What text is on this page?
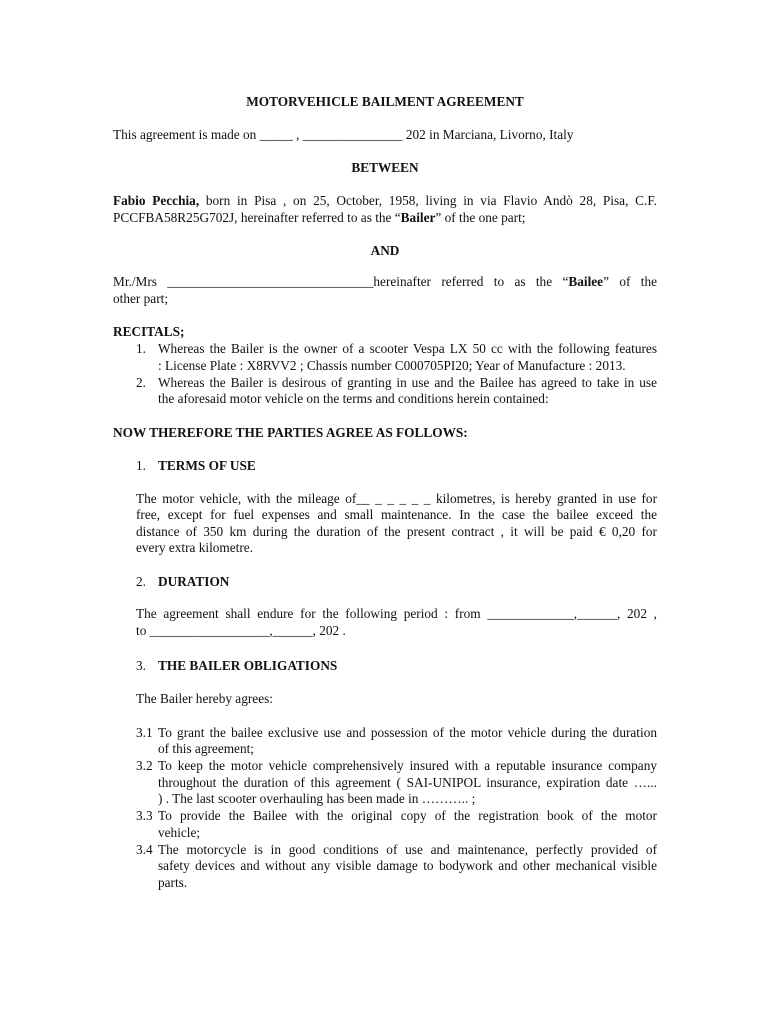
MOTORVEHICLE BAILMENT AGREEMENT
This agreement is made on _____ , _______________ 202 in Marciana, Livorno, Italy
BETWEEN
Fabio Pecchia, born in Pisa , on 25, October, 1958, living in via Flavio Andò 28, Pisa, C.F.
PCCFBA58R25G702J, hereinafter referred to as the “Bailer” of the one part;
AND
Mr./Mrs _______________________________hereinafter referred to as the “Bailee” of the
other part;
RECITALS;
1. Whereas the Bailer is the owner of a scooter Vespa LX 50 cc with the following features
: License Plate : X8RVV2 ; Chassis number C000705PI20; Year of Manufacture : 2013.
2. Whereas the Bailer is desirous of granting in use and the Bailee has agreed to take in use
the aforesaid motor vehicle on the terms and conditions herein contained:
NOW THEREFORE THE PARTIES AGREE AS FOLLOWS:
1. TERMS OF USE
The motor vehicle, with the mileage of__ _ _ _ _ _ kilometres, is hereby granted in use for
free, except for fuel expenses and small maintenance. In the case the bailee exceed the
distance of 350 km during the duration of the present contract , it will be paid € 0,20 for
every extra kilometre.
2. DURATION
The agreement shall endure for the following period : from _____________,______, 202 ,
to __________________,______, 202 .
3. THE BAILER OBLIGATIONS
The Bailer hereby agrees:
3.1 To grant the bailee exclusive use and possession of the motor vehicle during the duration
of this agreement;
3.2 To keep the motor vehicle comprehensively insured with a reputable insurance company
throughout the duration of this agreement ( SAI-UNIPOL insurance, expiration date …...
) . The last scooter overhauling has been made in ……….. ;
3.3 To provide the Bailee with the original copy of the registration book of the motor
vehicle;
3.4 The motorcycle is in good conditions of use and maintenance, perfectly provided of
safety devices and without any visible damage to bodywork and other mechanical visible
parts.
